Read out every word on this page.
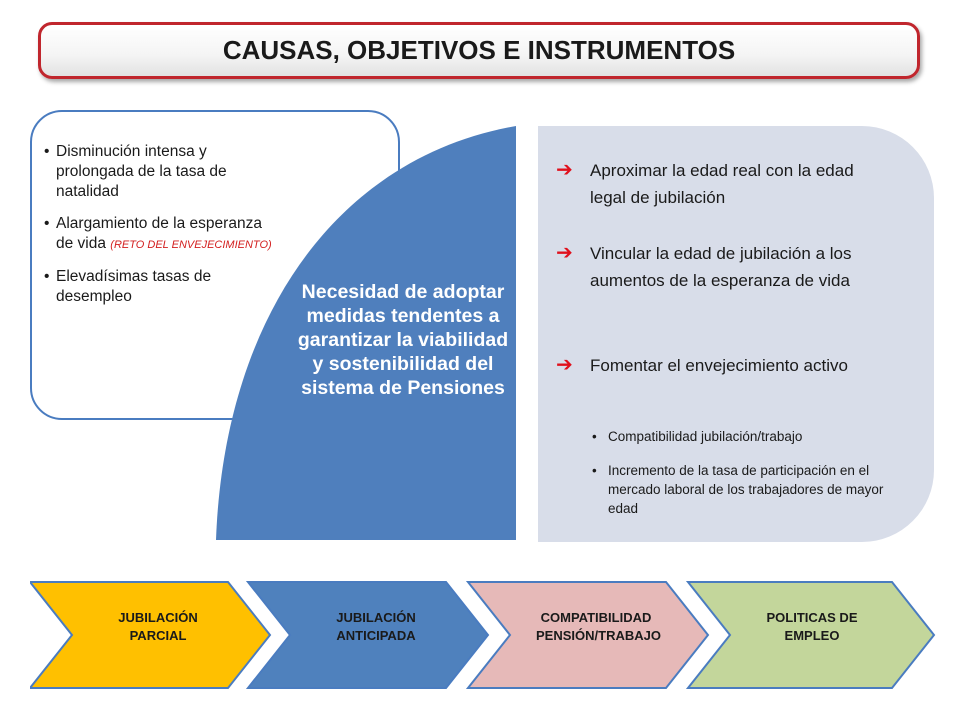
CAUSAS, OBJETIVOS E INSTRUMENTOS
• Disminución intensa y prolongada de la tasa de natalidad
• Alargamiento de la esperanza de vida (RETO DEL ENVEJECIMIENTO)
• Elevadísimas tasas de desempleo
➔	Aproximar la edad real con la edad legal de jubilación
➔	Vincular la edad de jubilación a los aumentos de la esperanza de vida
➔	Fomentar el envejecimiento activo
• Compatibilidad jubilación/trabajo
• Incremento de la tasa de participación en el mercado laboral de los trabajadores de mayor edad
Necesidad de adoptar medidas tendentes a garantizar la viabilidad y sostenibilidad del sistema de Pensiones
JUBILACIÓN
PARCIAL
JUBILACIÓN
ANTICIPADA
COMPATIBILIDAD
PENSIÓN/TRABAJO
POLITICAS DE
EMPLEO
